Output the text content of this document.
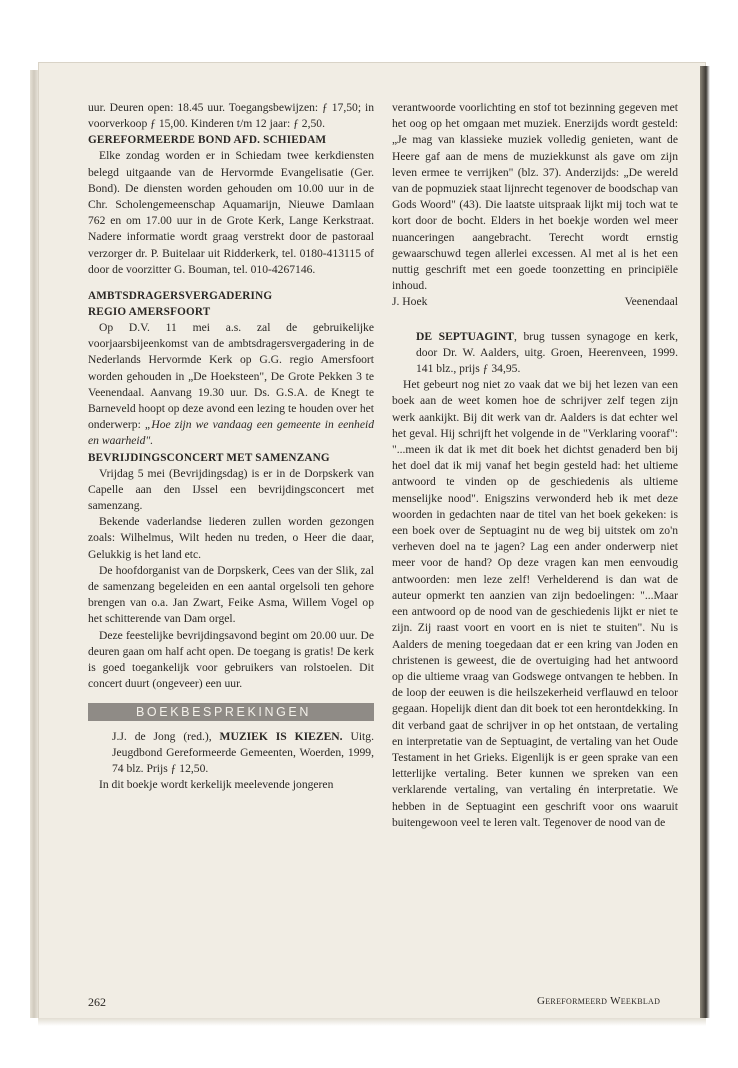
uur. Deuren open: 18.45 uur. Toegangsbewijzen: ƒ 17,50; in voorverkoop ƒ 15,00. Kinderen t/m 12 jaar: ƒ 2,50.

GEREFORMEERDE BOND AFD. SCHIEDAM

Elke zondag worden er in Schiedam twee kerkdiensten belegd uitgaande van de Hervormde Evangelisatie (Ger. Bond). De diensten worden gehouden om 10.00 uur in de Chr. Scholengemeenschap Aquamarijn, Nieuwe Damlaan 762 en om 17.00 uur in de Grote Kerk, Lange Kerkstraat. Nadere informatie wordt graag verstrekt door de pastoraal verzorger dr. P. Buitelaar uit Ridderkerk, tel. 0180-413115 of door de voorzitter G. Bouman, tel. 010-4267146.

AMBTSDRAGERSVERGADERING

REGIO AMERSFOORT

Op D.V. 11 mei a.s. zal de gebruikelijke voorjaarsbijeenkomst van de ambtsdragersvergadering in de Nederlands Hervormde Kerk op G.G. regio Amersfoort worden gehouden in „De Hoeksteen", De Grote Pekken 3 te Veenendaal. Aanvang 19.30 uur. Ds. G.S.A. de Knegt te Barneveld hoopt op deze avond een lezing te houden over het onderwerp: „Hoe zijn we vandaag een gemeente in eenheid en waarheid".

BEVRIJDINGSCONCERT MET SAMENZANG

Vrijdag 5 mei (Bevrijdingsdag) is er in de Dorpskerk van Capelle aan den IJssel een bevrijdingsconcert met samenzang.

Bekende vaderlandse liederen zullen worden gezongen zoals: Wilhelmus, Wilt heden nu treden, o Heer die daar, Gelukkig is het land etc.

De hoofdorganist van de Dorpskerk, Cees van der Slik, zal de samenzang begeleiden en een aantal orgelsoli ten gehore brengen van o.a. Jan Zwart, Feike Asma, Willem Vogel op het schitterende van Dam orgel.

Deze feestelijke bevrijdingsavond begint om 20.00 uur. De deuren gaan om half acht open. De toegang is gratis! De kerk is goed toegankelijk voor gebruikers van rolstoelen. Dit concert duurt (ongeveer) een uur.

BOEKBESPREKINGEN

J.J. de Jong (red.), MUZIEK IS KIEZEN. Uitg. Jeugdbond Gereformeerde Gemeenten, Woerden, 1999, 74 blz. Prijs ƒ 12,50.

In dit boekje wordt kerkelijk meelevende jongeren

verantwoorde voorlichting en stof tot bezinning gegeven met het oog op het omgaan met muziek. Enerzijds wordt gesteld: „Je mag van klassieke muziek volledig genieten, want de Heere gaf aan de mens de muziekkunst als gave om zijn leven ermee te verrijken" (blz. 37). Anderzijds: „De wereld van de popmuziek staat lijnrecht tegenover de boodschap van Gods Woord" (43). Die laatste uitspraak lijkt mij toch wat te kort door de bocht. Elders in het boekje worden wel meer nuanceringen aangebracht. Terecht wordt ernstig gewaarschuwd tegen allerlei excessen. Al met al is het een nuttig geschrift met een goede toonzetting en principiële inhoud.

J. Hoek	Veenendaal

DE SEPTUAGINT, brug tussen synagoge en kerk, door Dr. W. Aalders, uitg. Groen, Heerenveen, 1999. 141 blz., prijs ƒ 34,95.

Het gebeurt nog niet zo vaak dat we bij het lezen van een boek aan de weet komen hoe de schrijver zelf tegen zijn werk aankijkt. Bij dit werk van dr. Aalders is dat echter wel het geval. Hij schrijft het volgende in de "Verklaring vooraf": "...meen ik dat ik met dit boek het dichtst genaderd ben bij het doel dat ik mij vanaf het begin gesteld had: het ultieme antwoord te vinden op de geschiedenis als ultieme menselijke nood". Enigszins verwonderd heb ik met deze woorden in gedachten naar de titel van het boek gekeken: is een boek over de Septuagint nu de weg bij uitstek om zo'n verheven doel na te jagen? Lag een ander onderwerp niet meer voor de hand? Op deze vragen kan men eenvoudig antwoorden: men leze zelf! Verhelderend is dan wat de auteur opmerkt ten aanzien van zijn bedoelingen: "...Maar een antwoord op de nood van de geschiedenis lijkt er niet te zijn. Zij raast voort en voort en is niet te stuiten". Nu is Aalders de mening toegedaan dat er een kring van Joden en christenen is geweest, die de overtuiging had het antwoord op die ultieme vraag van Godswege ontvangen te hebben. In de loop der eeuwen is die heilszekerheid verflauwd en teloor gegaan. Hopelijk dient dan dit boek tot een herontdekking. In dit verband gaat de schrijver in op het ontstaan, de vertaling en interpretatie van de Septuagint, de vertaling van het Oude Testament in het Grieks. Eigenlijk is er geen sprake van een letterlijke vertaling. Beter kunnen we spreken van een verklarende vertaling, van vertaling én interpretatie. We hebben in de Septuagint een geschrift voor ons waaruit buitengewoon veel te leren valt. Tegenover de nood van de

262	Gereformeerd Weekblad
